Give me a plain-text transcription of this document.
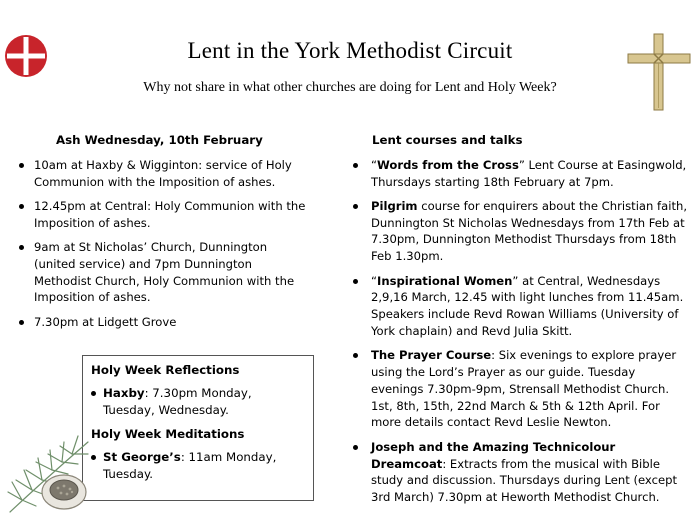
Lent in the York Methodist Circuit
Why not share in what other churches are doing for Lent and Holy Week?
Ash Wednesday, 10th February
10am at Haxby & Wigginton: service of Holy Communion with the Imposition of ashes.
12.45pm at Central: Holy Communion with the Imposition of ashes.
9am at St Nicholas’ Church, Dunnington (united service) and 7pm Dunnington Methodist Church, Holy Communion with the Imposition of ashes.
7.30pm at Lidgett Grove
Holy Week Reflections
Haxby: 7.30pm Monday, Tuesday, Wednesday.
Holy Week Meditations
St George’s: 11am Monday, Tuesday.
Lent courses and talks
“Words from the Cross” Lent Course at Easingwold, Thursdays starting 18th February at 7pm.
Pilgrim course for enquirers about the Christian faith, Dunnington St Nicholas Wednesdays from 17th Feb at 7.30pm, Dunnington Methodist Thursdays from 18th Feb 1.30pm.
“Inspirational Women” at Central, Wednesdays 2,9,16 March, 12.45 with light lunches from 11.45am. Speakers include Revd Rowan Williams (University of York chaplain) and Revd Julia Skitt.
The Prayer Course: Six evenings to explore prayer using the Lord’s Prayer as our guide. Tuesday evenings 7.30pm-9pm, Strensall Methodist Church. 1st, 8th, 15th, 22nd March & 5th & 12th April. For more details contact Revd Leslie Newton.
Joseph and the Amazing Technicolour Dreamcoat: Extracts from the musical with Bible study and discussion. Thursdays during Lent (except 3rd March) 7.30pm at Heworth Methodist Church.
